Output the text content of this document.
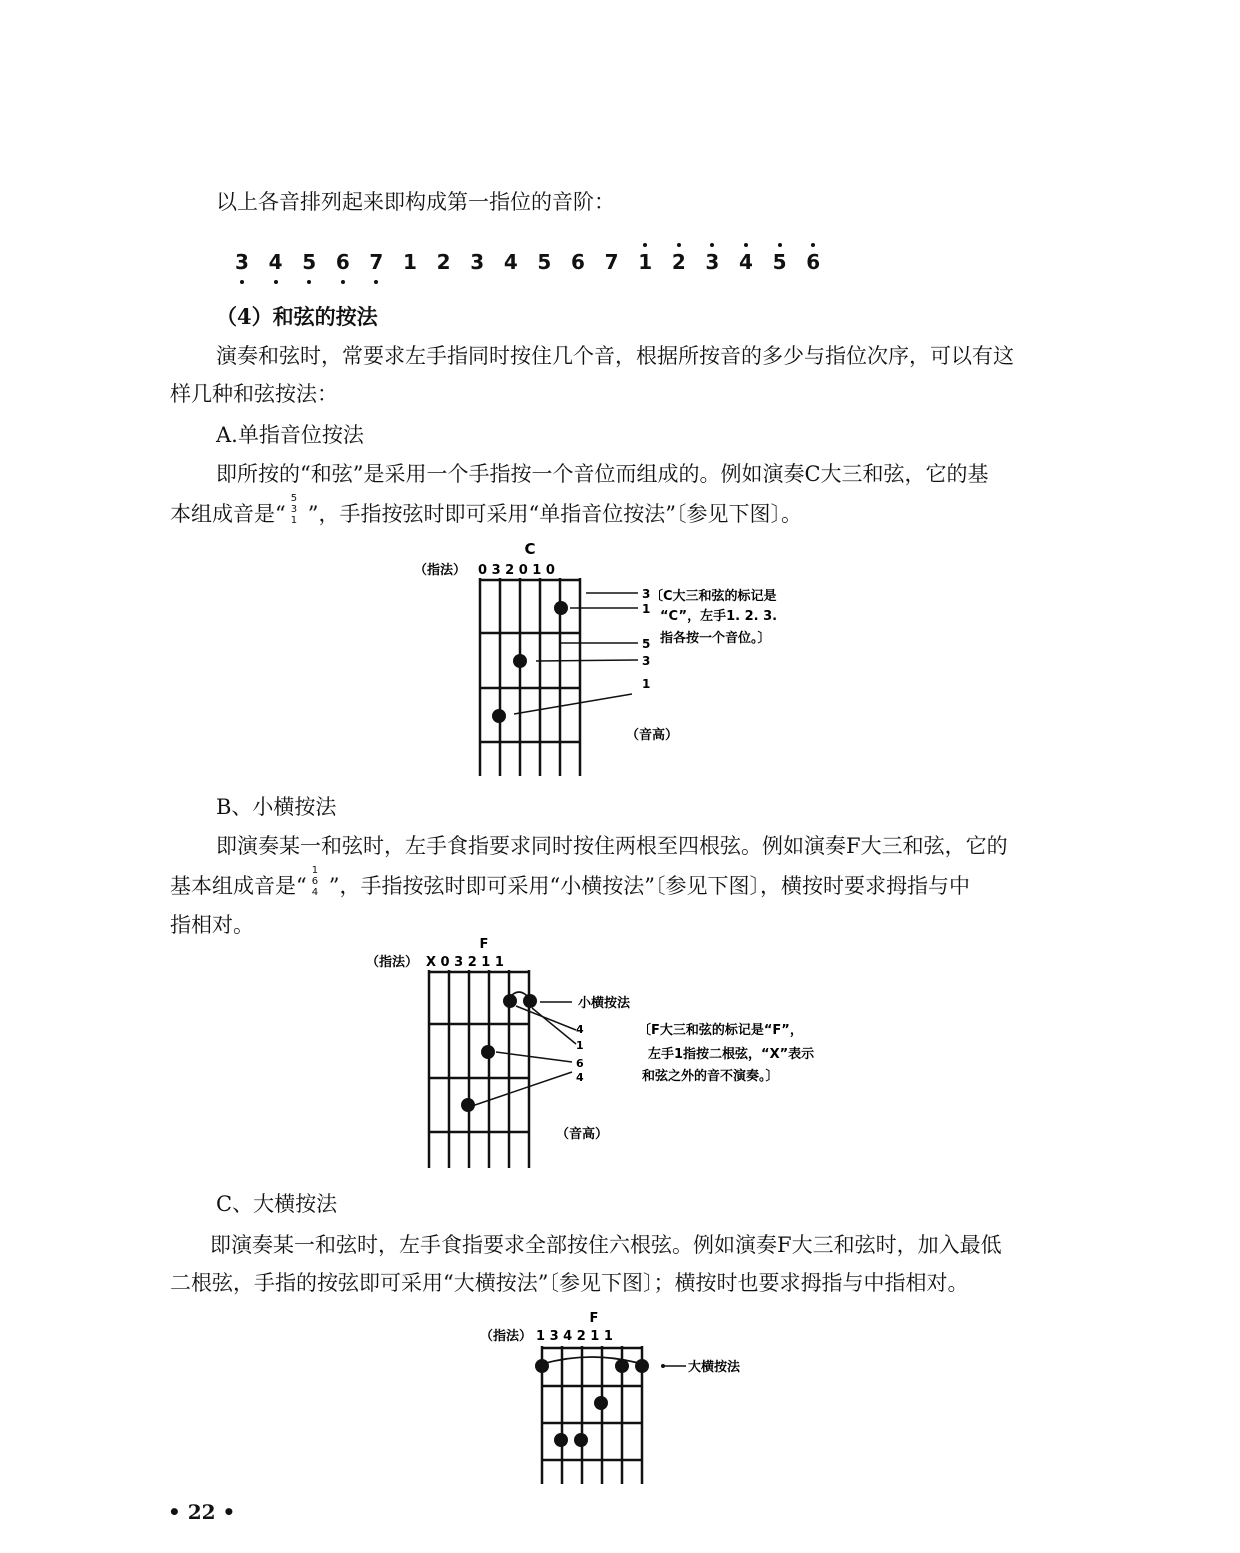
以上各音排列起来即构成第一指位的音阶：
3 4 5 6 7 1 2 3 4 5 6 7 1 2 3 4 5 6
（4）和弦的按法
演奏和弦时，常要求左手指同时按住几个音，根据所按音的多少与指位次序，可以有这
样几种和弦按法：
A.单指音位按法
即所按的“和弦”是采用一个手指按一个音位而组成的。例如演奏C大三和弦，它的基
本组成音是“
5
3
1 ”，手指按弦时即可采用“单指音位按法”〔参见下图〕。
C
（指法） 0 3 2 0 1 0
3
1
5
3
1
〔C大三和弦的标记是
“C”，左手1. 2. 3.
指各按一个音位。〕
（音高）
B、小横按法
即演奏某一和弦时，左手食指要求同时按住两根至四根弦。例如演奏F大三和弦，它的
基本组成音是“
1
6
4 ”，手指按弦时即可采用“小横按法”〔参见下图〕，横按时要求拇指与中
指相对。
F
（指法） X 0 3 2 1 1
小横按法
4
1
6
4
〔F大三和弦的标记是“F”，
左手1指按二根弦，“X”表示
和弦之外的音不演奏。〕
（音高）
C、大横按法
即演奏某一和弦时，左手食指要求全部按住六根弦。例如演奏F大三和弦时，加入最低
二根弦，手指的按弦即可采用“大横按法”〔参见下图〕；横按时也要求拇指与中指相对。
F
（指法） 1 3 4 2 1 1
大横按法
• 22 •
